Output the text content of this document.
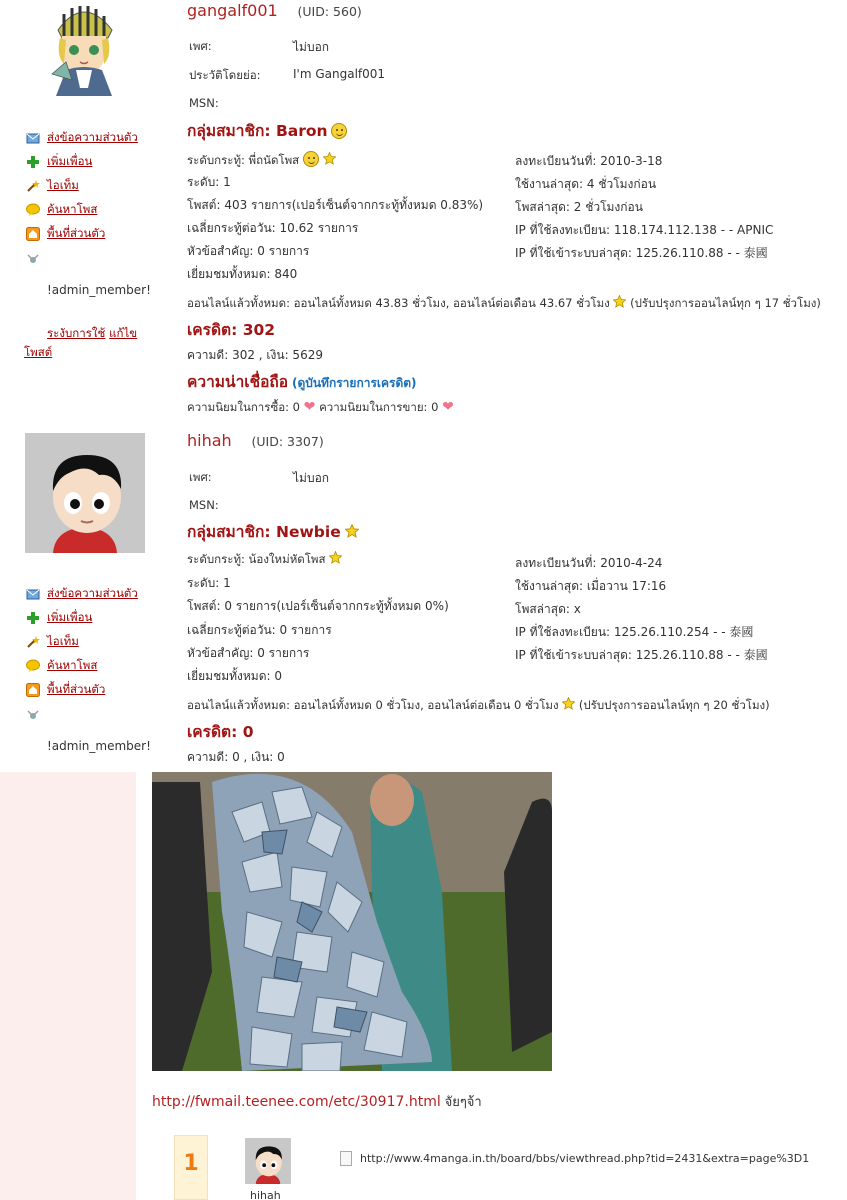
gangalf001 (UID: 560)
เพศ:	ไม่บอก
ประวัติโดยย่อ:	I'm Gangalf001
MSN:
ส่งข้อความส่วนตัว
เพิ่มเพื่อน
ไอเท็ม
ค้นหาโพส
พื้นที่ส่วนตัว
!admin_member!
ระงับการใช้ แก้ไข โพสต์
กลุ่มสมาชิก: Baron
ระดับกระทู้: พี่ถนัดโพส
ระดับ: 1
โพสต์: 403 รายการ(เปอร์เซ็นต์จากกระทู้ทั้งหมด 0.83%)
เฉลี่ยกระทู้ต่อวัน: 10.62 รายการ
หัวข้อสำคัญ: 0 รายการ
เยี่ยมชมทั้งหมด: 840
ลงทะเบียนวันที่: 2010-3-18
ใช้งานล่าสุด: 4 ชั่วโมงก่อน
โพสล่าสุด: 2 ชั่วโมงก่อน
IP ที่ใช้ลงทะเบียน: 118.174.112.138 - - APNIC
IP ที่ใช้เข้าระบบล่าสุด: 125.26.110.88 - - 泰國
ออนไลน์แล้วทั้งหมด: ออนไลน์ทั้งหมด 43.83 ชั่วโมง, ออนไลน์ต่อเดือน 43.67 ชั่วโมง (ปรับปรุงการออนไลน์ทุก ๆ 17 ชั่วโมง)
เครดิต: 302
ความดี: 302 , เงิน: 5629
ความน่าเชื่อถือ (ดูบันทึกรายการเครดิต)
ความนิยมในการซื้อ: 0 ❤ ความนิยมในการขาย: 0 ❤
hihah (UID: 3307)
เพศ:	ไม่บอก
MSN:
ส่งข้อความส่วนตัว
เพิ่มเพื่อน
ไอเท็ม
ค้นหาโพส
พื้นที่ส่วนตัว
!admin_member!
กลุ่มสมาชิก: Newbie
ระดับกระทู้: น้องใหม่หัดโพส
ระดับ: 1
โพสต์: 0 รายการ(เปอร์เซ็นต์จากกระทู้ทั้งหมด 0%)
เฉลี่ยกระทู้ต่อวัน: 0 รายการ
หัวข้อสำคัญ: 0 รายการ
เยี่ยมชมทั้งหมด: 0
ลงทะเบียนวันที่: 2010-4-24
ใช้งานล่าสุด: เมื่อวาน 17:16
โพสล่าสุด: x
IP ที่ใช้ลงทะเบียน: 125.26.110.254 - - 泰國
IP ที่ใช้เข้าระบบล่าสุด: 125.26.110.88 - - 泰國
ออนไลน์แล้วทั้งหมด: ออนไลน์ทั้งหมด 0 ชั่วโมง, ออนไลน์ต่อเดือน 0 ชั่วโมง (ปรับปรุงการออนไลน์ทุก ๆ 20 ชั่วโมง)
เครดิต: 0
ความดี: 0 , เงิน: 0
http://fwmail.teenee.com/etc/30917.html จัยๆจ้า
1
hihah
http://www.4manga.in.th/board/bbs/viewthread.php?tid=2431&extra=page%3D1
